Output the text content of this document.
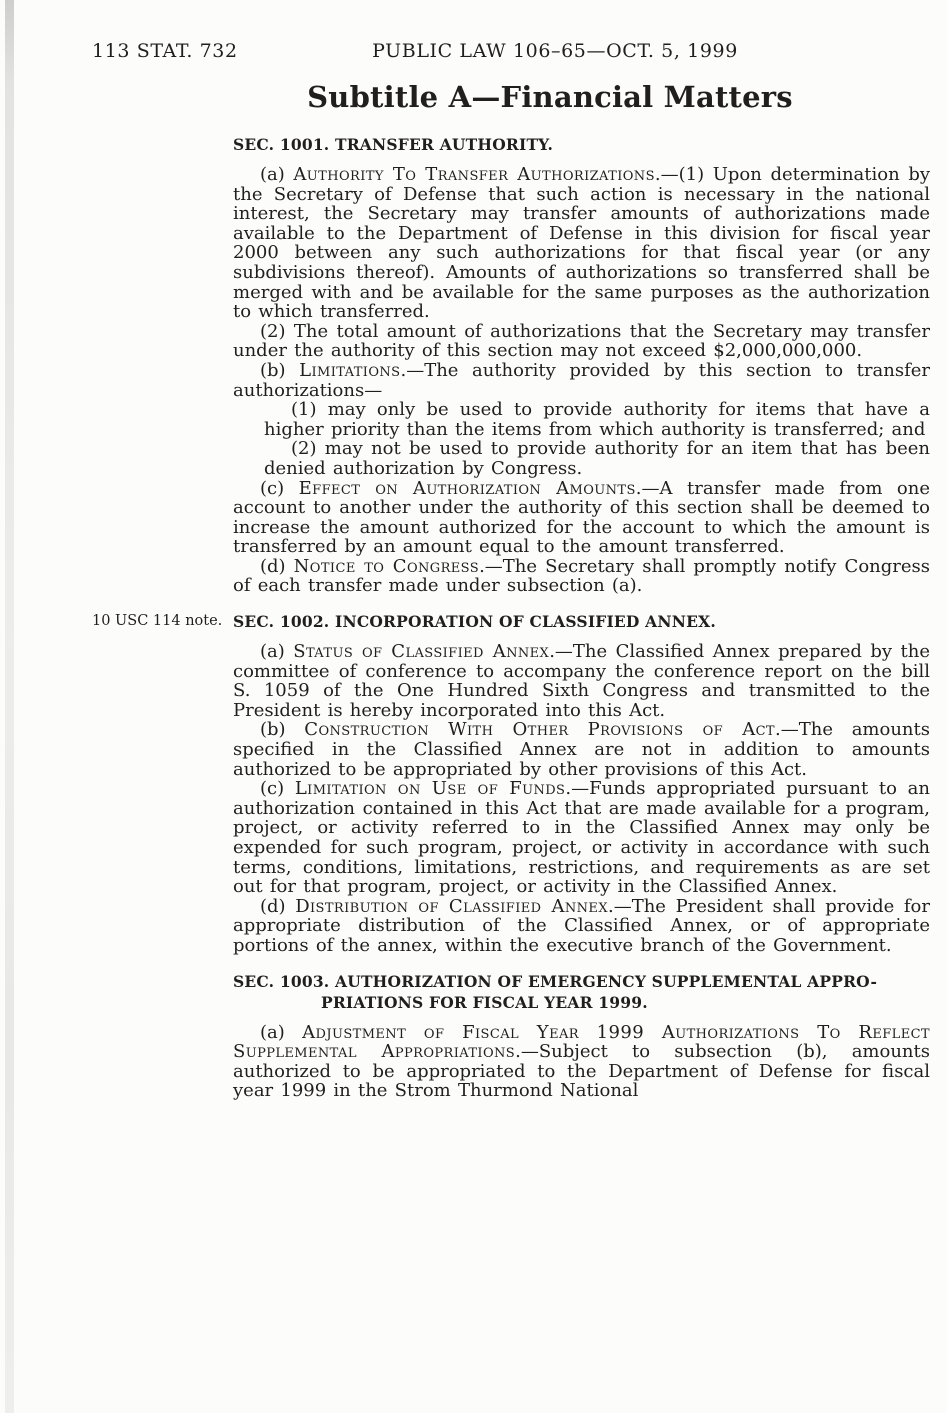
113 STAT. 732	PUBLIC LAW 106–65—OCT. 5, 1999
Subtitle A—Financial Matters
10 USC 114 note.
SEC. 1001. TRANSFER AUTHORITY.

(a) Authority To Transfer Authorizations.—(1) Upon determination by the Secretary of Defense that such action is necessary in the national interest, the Secretary may transfer amounts of authorizations made available to the Department of Defense in this division for fiscal year 2000 between any such authorizations for that fiscal year (or any subdivisions thereof). Amounts of authorizations so transferred shall be merged with and be available for the same purposes as the authorization to which transferred.

(2) The total amount of authorizations that the Secretary may transfer under the authority of this section may not exceed $2,000,000,000.

(b) Limitations.—The authority provided by this section to transfer authorizations—

(1) may only be used to provide authority for items that have a higher priority than the items from which authority is transferred; and

(2) may not be used to provide authority for an item that has been denied authorization by Congress.

(c) Effect on Authorization Amounts.—A transfer made from one account to another under the authority of this section shall be deemed to increase the amount authorized for the account to which the amount is transferred by an amount equal to the amount transferred.

(d) Notice to Congress.—The Secretary shall promptly notify Congress of each transfer made under subsection (a).

SEC. 1002. INCORPORATION OF CLASSIFIED ANNEX.

(a) Status of Classified Annex.—The Classified Annex prepared by the committee of conference to accompany the conference report on the bill S. 1059 of the One Hundred Sixth Congress and transmitted to the President is hereby incorporated into this Act.

(b) Construction With Other Provisions of Act.—The amounts specified in the Classified Annex are not in addition to amounts authorized to be appropriated by other provisions of this Act.

(c) Limitation on Use of Funds.—Funds appropriated pursuant to an authorization contained in this Act that are made available for a program, project, or activity referred to in the Classified Annex may only be expended for such program, project, or activity in accordance with such terms, conditions, limitations, restrictions, and requirements as are set out for that program, project, or activity in the Classified Annex.

(d) Distribution of Classified Annex.—The President shall provide for appropriate distribution of the Classified Annex, or of appropriate portions of the annex, within the executive branch of the Government.

SEC. 1003. AUTHORIZATION OF EMERGENCY SUPPLEMENTAL APPRO-
PRIATIONS FOR FISCAL YEAR 1999.

(a) Adjustment of Fiscal Year 1999 Authorizations To Reflect Supplemental Appropriations.—Subject to subsection (b), amounts authorized to be appropriated to the Department of Defense for fiscal year 1999 in the Strom Thurmond National
